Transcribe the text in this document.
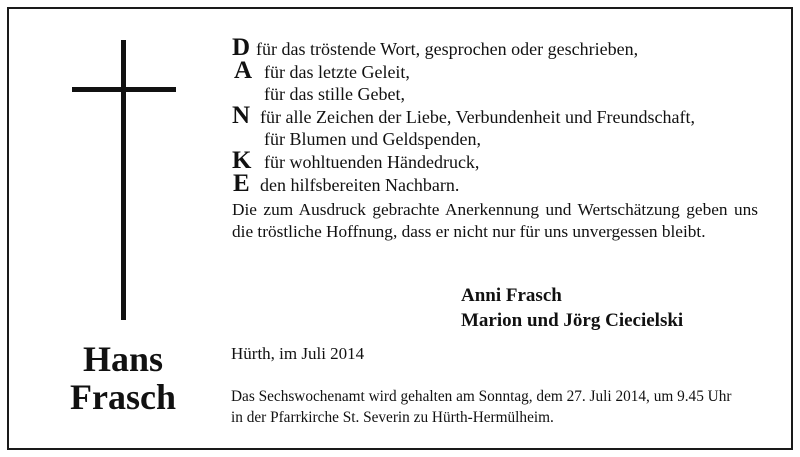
Hans
Frasch
D für das tröstende Wort, gesprochen oder geschrieben,
A für das letzte Geleit,
für das stille Gebet,
N für alle Zeichen der Liebe, Verbundenheit und Freundschaft,
für Blumen und Geldspenden,
K für wohltuenden Händedruck,
E den hilfsbereiten Nachbarn.
Die zum Ausdruck gebrachte Anerkennung und Wertschätzung geben uns die tröstliche Hoffnung, dass er nicht nur für uns unvergessen bleibt.
Anni Frasch
Marion und Jörg Ciecielski
Hürth, im Juli 2014
Das Sechswochenamt wird gehalten am Sonntag, dem 27. Juli 2014, um 9.45 Uhr
in der Pfarrkirche St. Severin zu Hürth-Hermülheim.
